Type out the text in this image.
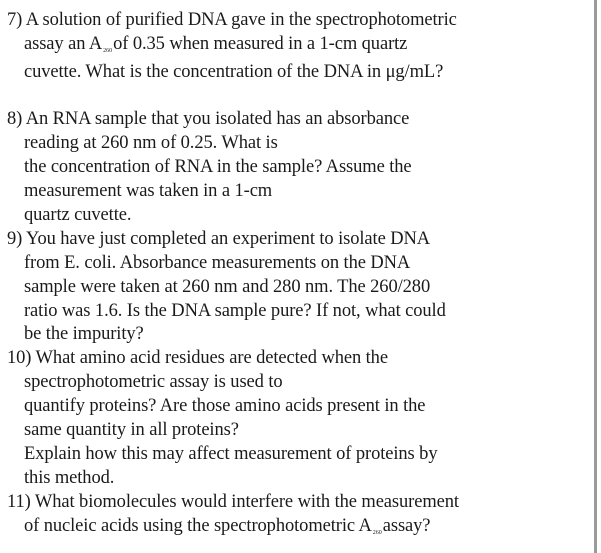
7) A solution of purified DNA gave in the spectrophotometric
assay an $A_{260}of$ 0.35 when measured in a 1-cm quartz
cuvette. What is the concentration of the DNA in μg/mL?
8) An RNA sample that you isolated has an absorbance
reading at 260 nm of 0.25. What is
the concentration of RNA in the sample? Assume the
measurement was taken in a 1-cm
quartz cuvette.
9) You have just completed an experiment to isolate DNA
from E. coli. Absorbance measurements on the DNA
sample were taken at 260 nm and 280 nm. The 260/280
ratio was 1.6. Is the DNA sample pure? If not, what could
be the impurity?
10) What amino acid residues are detected when the
spectrophotometric assay is used to
quantify proteins? Are those amino acids present in the
same quantity in all proteins?
Explain how this may affect measurement of proteins by
this method.
11) What biomolecules would interfere with the measurement
of nucleic acids using the spectrophotometric $A_{260}assay$?
